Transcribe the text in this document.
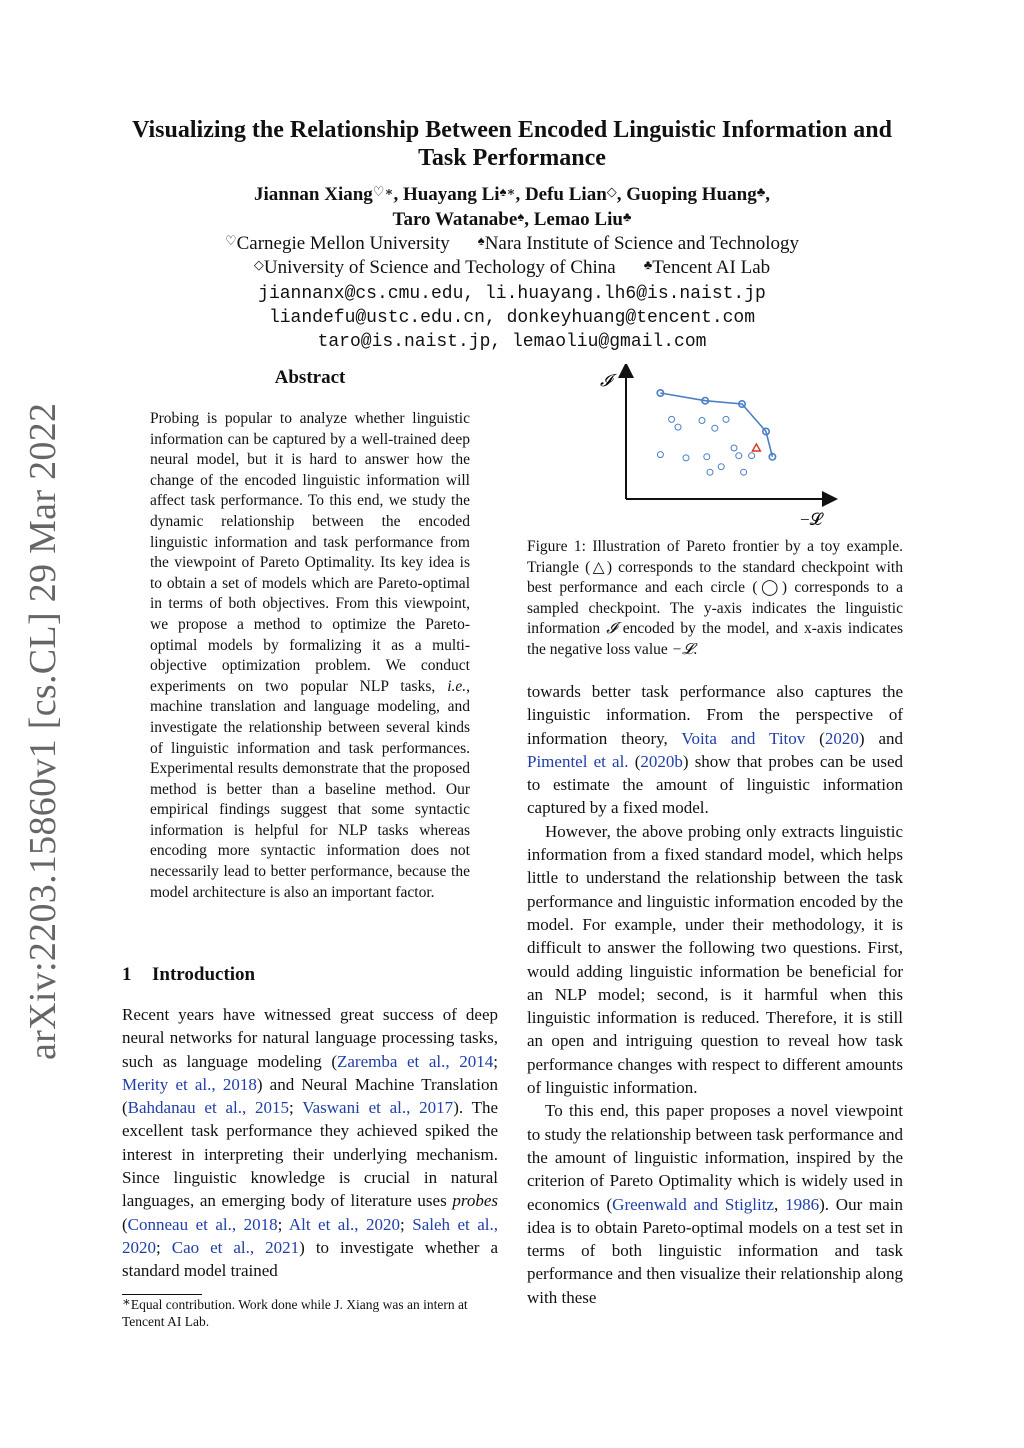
arXiv:2203.15860v1 [cs.CL] 29 Mar 2022
Visualizing the Relationship Between Encoded Linguistic Information and Task Performance
Jiannan Xiang♡∗, Huayang Li♠∗, Defu Lian◇, Guoping Huang♣,
Taro Watanabe♠, Lemao Liu♣
♡Carnegie Mellon University ♠Nara Institute of Science and Technology
◇University of Science and Techology of China ♣Tencent AI Lab
jiannanx@cs.cmu.edu, li.huayang.lh6@is.naist.jp
liandefu@ustc.edu.cn, donkeyhuang@tencent.com
taro@is.naist.jp, lemaoliu@gmail.com
Abstract
Probing is popular to analyze whether linguistic information can be captured by a well-trained deep neural model, but it is hard to answer how the change of the encoded linguistic information will affect task performance. To this end, we study the dynamic relationship between the encoded linguistic information and task performance from the viewpoint of Pareto Optimality. Its key idea is to obtain a set of models which are Pareto-optimal in terms of both objectives. From this viewpoint, we propose a method to optimize the Pareto-optimal models by formalizing it as a multi-objective optimization problem. We conduct experiments on two popular NLP tasks, i.e., machine translation and language modeling, and investigate the relationship between several kinds of linguistic information and task performances. Experimental results demonstrate that the proposed method is better than a baseline method. Our empirical findings suggest that some syntactic information is helpful for NLP tasks whereas encoding more syntactic information does not necessarily lead to better performance, because the model architecture is also an important factor.
1 Introduction
Recent years have witnessed great success of deep neural networks for natural language processing tasks, such as language modeling (Zaremba et al., 2014; Merity et al., 2018) and Neural Machine Translation (Bahdanau et al., 2015; Vaswani et al., 2017). The excellent task performance they achieved spiked the interest in interpreting their underlying mechanism. Since linguistic knowledge is crucial in natural languages, an emerging body of literature uses probes (Conneau et al., 2018; Alt et al., 2020; Saleh et al., 2020; Cao et al., 2021) to investigate whether a standard model trained
∗Equal contribution. Work done while J. Xiang was an intern at Tencent AI Lab.
𝓘
−𝓛
Figure 1: Illustration of Pareto frontier by a toy example. Triangle (△) corresponds to the standard checkpoint with best performance and each circle (◯) corresponds to a sampled checkpoint. The y-axis indicates the linguistic information 𝓘 encoded by the model, and x-axis indicates the negative loss value −𝓛.

towards better task performance also captures the linguistic information. From the perspective of information theory, Voita and Titov (2020) and Pimentel et al. (2020b) show that probes can be used to estimate the amount of linguistic information captured by a fixed model.

However, the above probing only extracts linguistic information from a fixed standard model, which helps little to understand the relationship between the task performance and linguistic information encoded by the model. For example, under their methodology, it is difficult to answer the following two questions. First, would adding linguistic information be beneficial for an NLP model; second, is it harmful when this linguistic information is reduced. Therefore, it is still an open and intriguing question to reveal how task performance changes with respect to different amounts of linguistic information.

To this end, this paper proposes a novel viewpoint to study the relationship between task performance and the amount of linguistic information, inspired by the criterion of Pareto Optimality which is widely used in economics (Greenwald and Stiglitz, 1986). Our main idea is to obtain Pareto-optimal models on a test set in terms of both linguistic information and task performance and then visualize their relationship along with these
